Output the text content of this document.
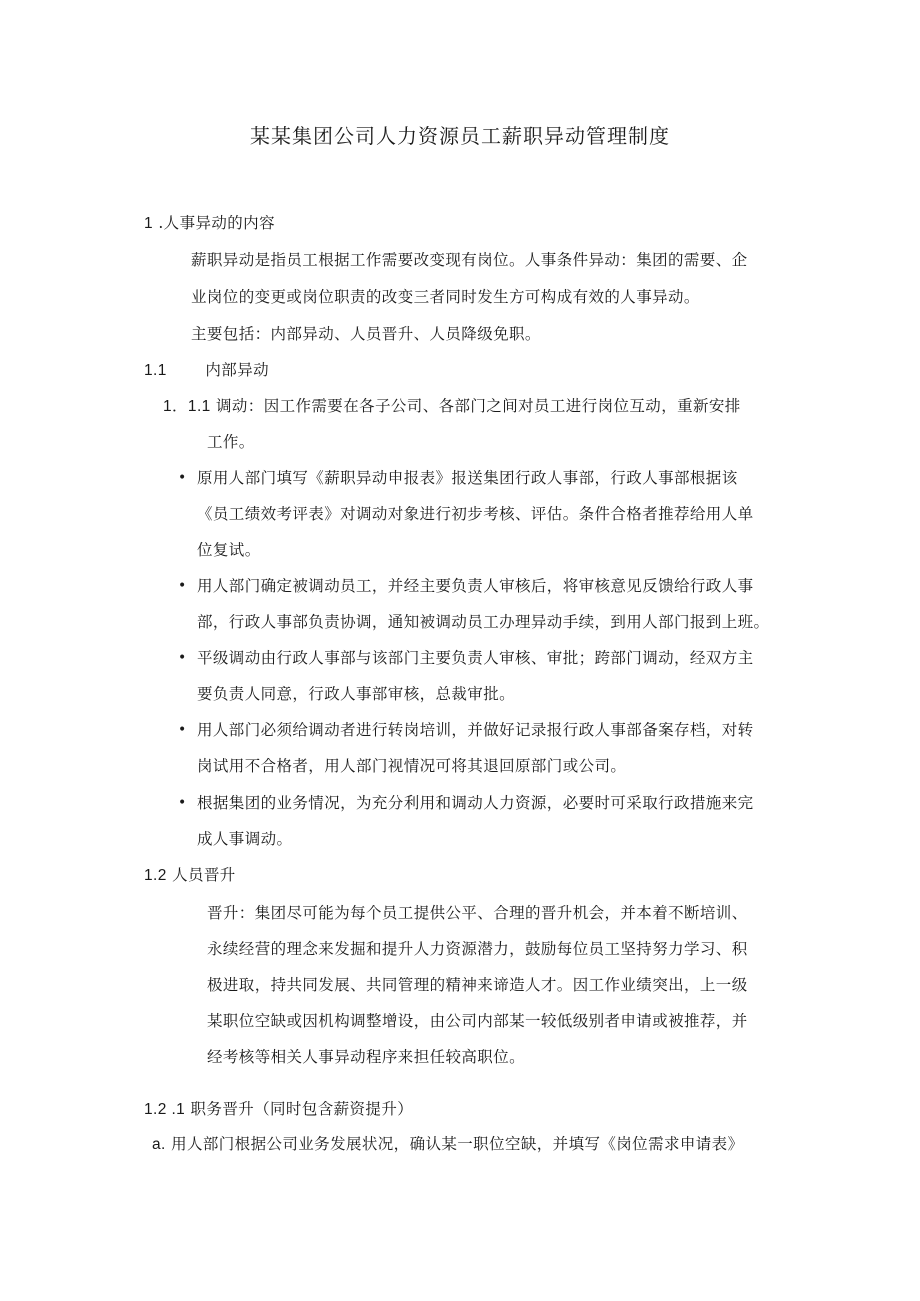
某某集团公司人力资源员工薪职异动管理制度
1 .人事异动的内容
薪职异动是指员工根据工作需要改变现有岗位。人事条件异动：集团的需要、企
业岗位的变更或岗位职责的改变三者同时发生方可构成有效的人事异动。
主要包括：内部异动、人员晋升、人员降级免职。
1.1 内部异动
1．1.1 调动：因工作需要在各子公司、各部门之间对员工进行岗位互动，重新安排
工作。
• 原用人部门填写《薪职异动申报表》报送集团行政人事部，行政人事部根据该
《员工绩效考评表》对调动对象进行初步考核、评估。条件合格者推荐给用人单
位复试。
• 用人部门确定被调动员工，并经主要负责人审核后，将审核意见反馈给行政人事
部，行政人事部负责协调，通知被调动员工办理异动手续，到用人部门报到上班。
• 平级调动由行政人事部与该部门主要负责人审核、审批；跨部门调动，经双方主
要负责人同意，行政人事部审核，总裁审批。
• 用人部门必须给调动者进行转岗培训，并做好记录报行政人事部备案存档，对转
岗试用不合格者，用人部门视情况可将其退回原部门或公司。
• 根据集团的业务情况，为充分利用和调动人力资源，必要时可采取行政措施来完
成人事调动。
1.2 人员晋升
晋升：集团尽可能为每个员工提供公平、合理的晋升机会，并本着不断培训、
永续经营的理念来发掘和提升人力资源潜力，鼓励每位员工坚持努力学习、积
极进取，持共同发展、共同管理的精神来谛造人才。因工作业绩突出，上一级
某职位空缺或因机构调整增设，由公司内部某一较低级别者申请或被推荐，并
经考核等相关人事异动程序来担任较高职位。
1.2 .1 职务晋升（同时包含薪资提升）
a. 用人部门根据公司业务发展状况，确认某一职位空缺，并填写《岗位需求申请表》
